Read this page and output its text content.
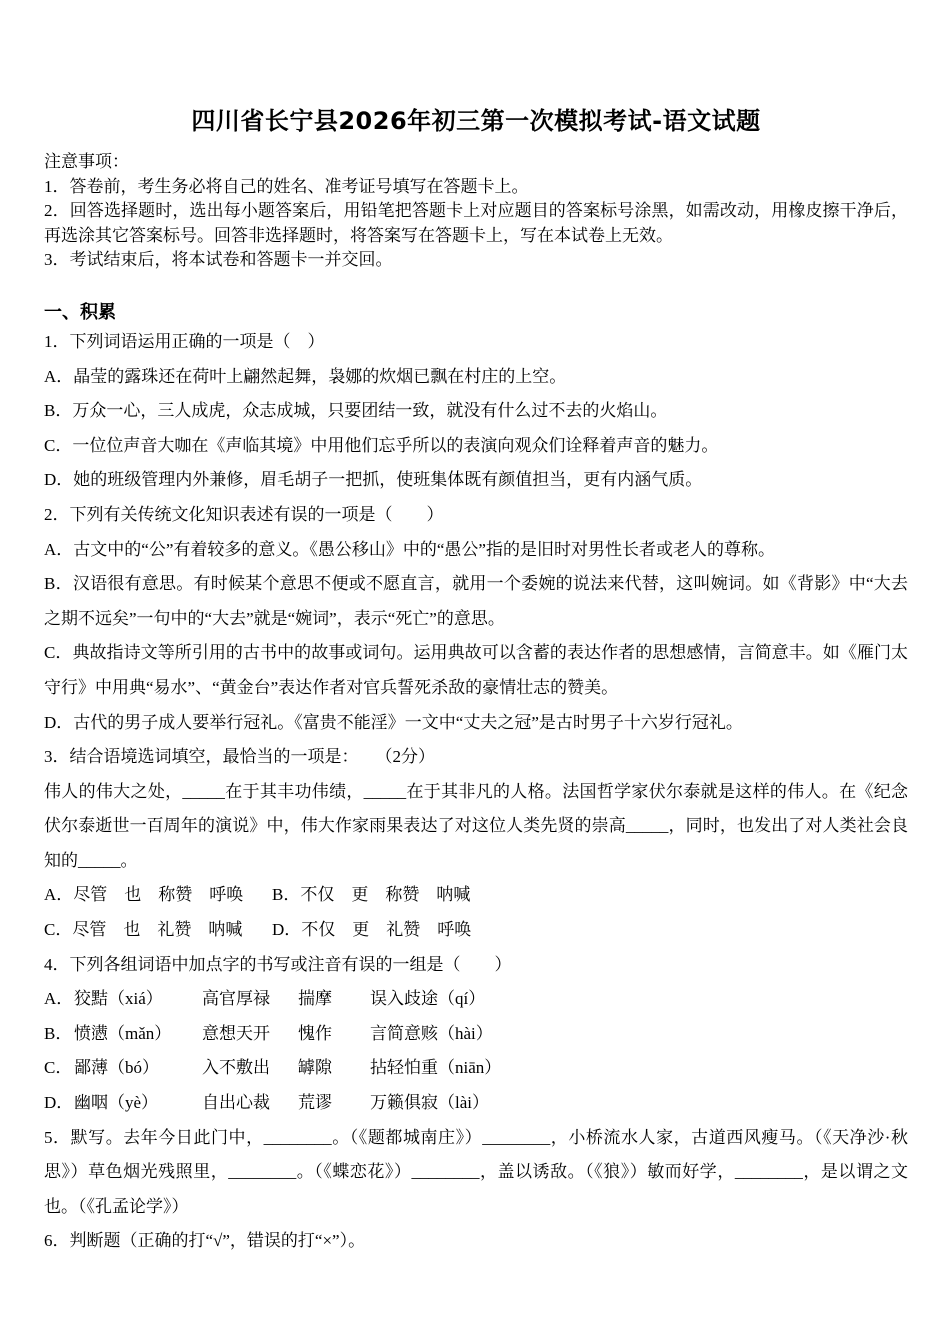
四川省长宁县2026年初三第一次模拟考试-语文试题

注意事项：

1．答卷前，考生务必将自己的姓名、准考证号填写在答题卡上。

2．回答选择题时，选出每小题答案后，用铅笔把答题卡上对应题目的答案标号涂黑，如需改动，用橡皮擦干净后，再选涂其它答案标号。回答非选择题时，将答案写在答题卡上，写在本试卷上无效。

3．考试结束后，将本试卷和答题卡一并交回。

一、积累

1．下列词语运用正确的一项是（　）

A．晶莹的露珠还在荷叶上翩然起舞，袅娜的炊烟已飘在村庄的上空。

B．万众一心，三人成虎，众志成城，只要团结一致，就没有什么过不去的火焰山。

C．一位位声音大咖在《声临其境》中用他们忘乎所以的表演向观众们诠释着声音的魅力。

D．她的班级管理内外兼修，眉毛胡子一把抓，使班集体既有颜值担当，更有内涵气质。

2．下列有关传统文化知识表述有误的一项是（　　）

A．古文中的“公”有着较多的意义。《愚公移山》中的“愚公”指的是旧时对男性长者或老人的尊称。

B．汉语很有意思。有时候某个意思不便或不愿直言，就用一个委婉的说法来代替，这叫婉词。如《背影》中“大去之期不远矣”一句中的“大去”就是“婉词”，表示“死亡”的意思。

C．典故指诗文等所引用的古书中的故事或词句。运用典故可以含蓄的表达作者的思想感情，言简意丰。如《雁门太守行》中用典“易水”、“黄金台”表达作者对官兵誓死杀敌的豪情壮志的赞美。

D．古代的男子成人要举行冠礼。《富贵不能淫》一文中“丈夫之冠”是古时男子十六岁行冠礼。

3．结合语境选词填空，最恰当的一项是：　　（2分）

伟人的伟大之处，_____在于其丰功伟绩，_____在于其非凡的人格。法国哲学家伏尔泰就是这样的伟人。在《纪念伏尔泰逝世一百周年的演说》中，伟大作家雨果表达了对这位人类先贤的崇高_____，同时，也发出了对人类社会良知的_____。

A．尽管　也　称赞　呼唤	B．不仅　更　称赞　呐喊
C．尽管　也　礼赞　呐喊	D．不仅　更　礼赞　呼唤

4．下列各组词语中加点字的书写或注音有误的一组是（　　）

A． 狡黠（xiá）	高官厚禄	揣摩	误入歧途（qí）
B． 愤懑（mǎn）	意想天开	愧作	言简意赅（hài）
C． 鄙薄（bó）	入不敷出	罅隙	拈轻怕重（niān）
D． 幽咽（yè）	自出心裁	荒谬	万籁俱寂（lài）

5．默写。去年今日此门中，________。（《题都城南庄》）________，小桥流水人家，古道西风瘦马。（《天净沙·秋思》）草色烟光残照里，________。（《蝶恋花》）________，盖以诱敌。（《狼》）敏而好学，________，是以谓之文也。（《孔孟论学》）

6．判断题（正确的打“√”，错误的打“×”）。
